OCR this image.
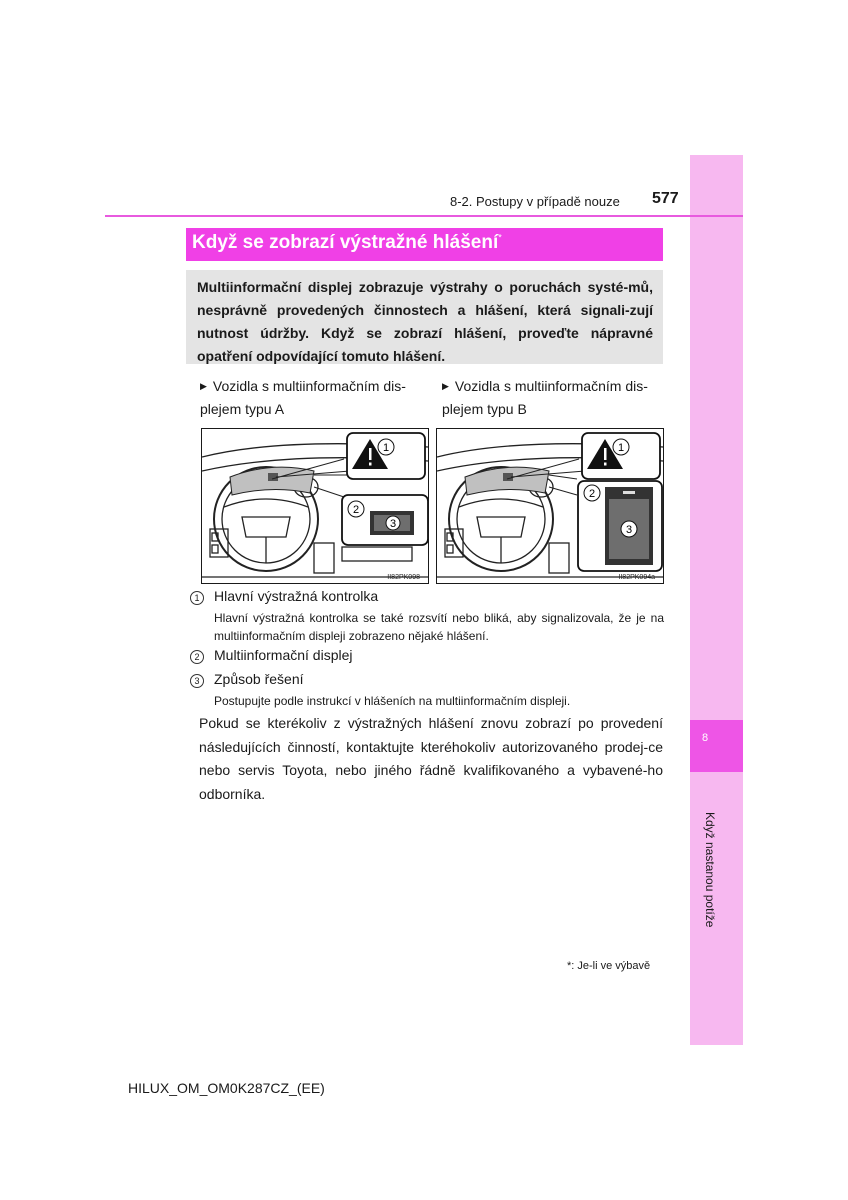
8
Když nastanou potíže
8-2. Postupy v případě nouze 577
Když se zobrazí výstražné hlášení*
Multiinformační displej zobrazuje výstrahy o poruchách systé-mů, nesprávně provedených činnostech a hlášení, která signali-zují nutnost údržby. Když se zobrazí hlášení, proveďte nápravné opatření odpovídající tomuto hlášení.
▶ Vozidla s multiinformačním dis-plejem typu A
▶ Vozidla s multiinformačním dis-plejem typu B
1
2
3
II82PK098
1
2
3
II82PK094a
1 Hlavní výstražná kontrolka
Hlavní výstražná kontrolka se také rozsvítí nebo bliká, aby signalizovala, že je na multiinformačním displeji zobrazeno nějaké hlášení.
2 Multiinformační displej
3 Způsob řešení
Postupujte podle instrukcí v hlášeních na multiinformačním displeji.
Pokud se kterékoliv z výstražných hlášení znovu zobrazí po provedení následujících činností, kontaktujte kteréhokoliv autorizovaného prodej-ce nebo servis Toyota, nebo jiného řádně kvalifikovaného a vybavené-ho odborníka.
*: Je-li ve výbavě
HILUX_OM_OM0K287CZ_(EE)
